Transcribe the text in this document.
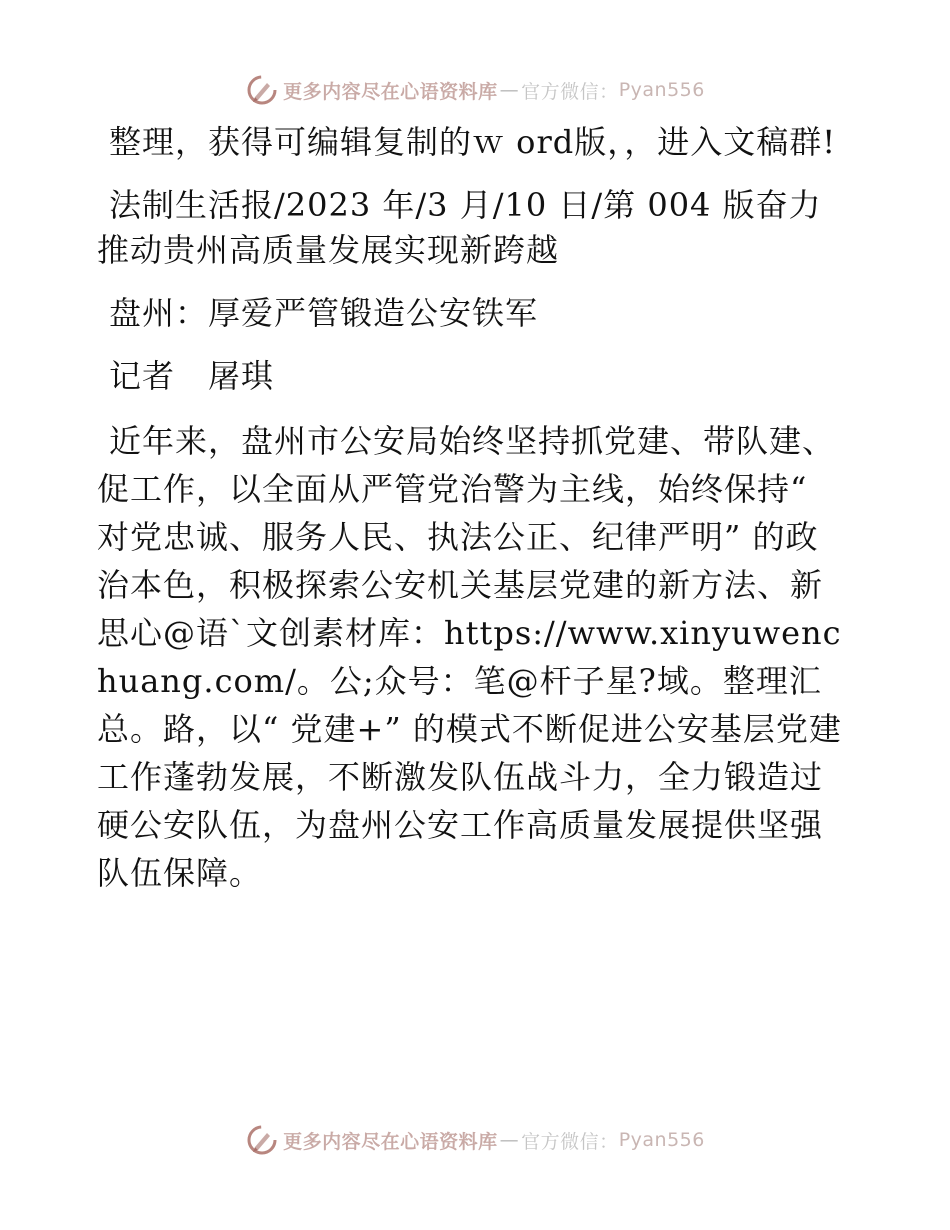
更多内容尽在心语资料库 — 官方微信： Pyan556

整理，获得可编辑复制的ｗ ord版，，进入文稿群!

法制生活报/2023 年/3 月/10 日/第 004 版奋力推动贵州高质量发展实现新跨越

盘州：厚爱严管锻造公安铁军

记者　屠琪

近年来，盘州市公安局始终坚持抓党建、带队建、促工作，以全面从严管党治警为主线，始终保持“ 对党忠诚、服务人民、执法公正、纪律严明” 的政治本色，积极探索公安机关基层党建的新方法、新思心@语`文创素材库：https://www.xinyuwenchuang.com/。公;众号：笔@杆子星?域。整理汇总。路，以“ 党建+” 的模式不断促进公安基层党建工作蓬勃发展，不断激发队伍战斗力，全力锻造过硬公安队伍，为盘州公安工作高质量发展提供坚强队伍保障。

更多内容尽在心语资料库 — 官方微信： Pyan556
